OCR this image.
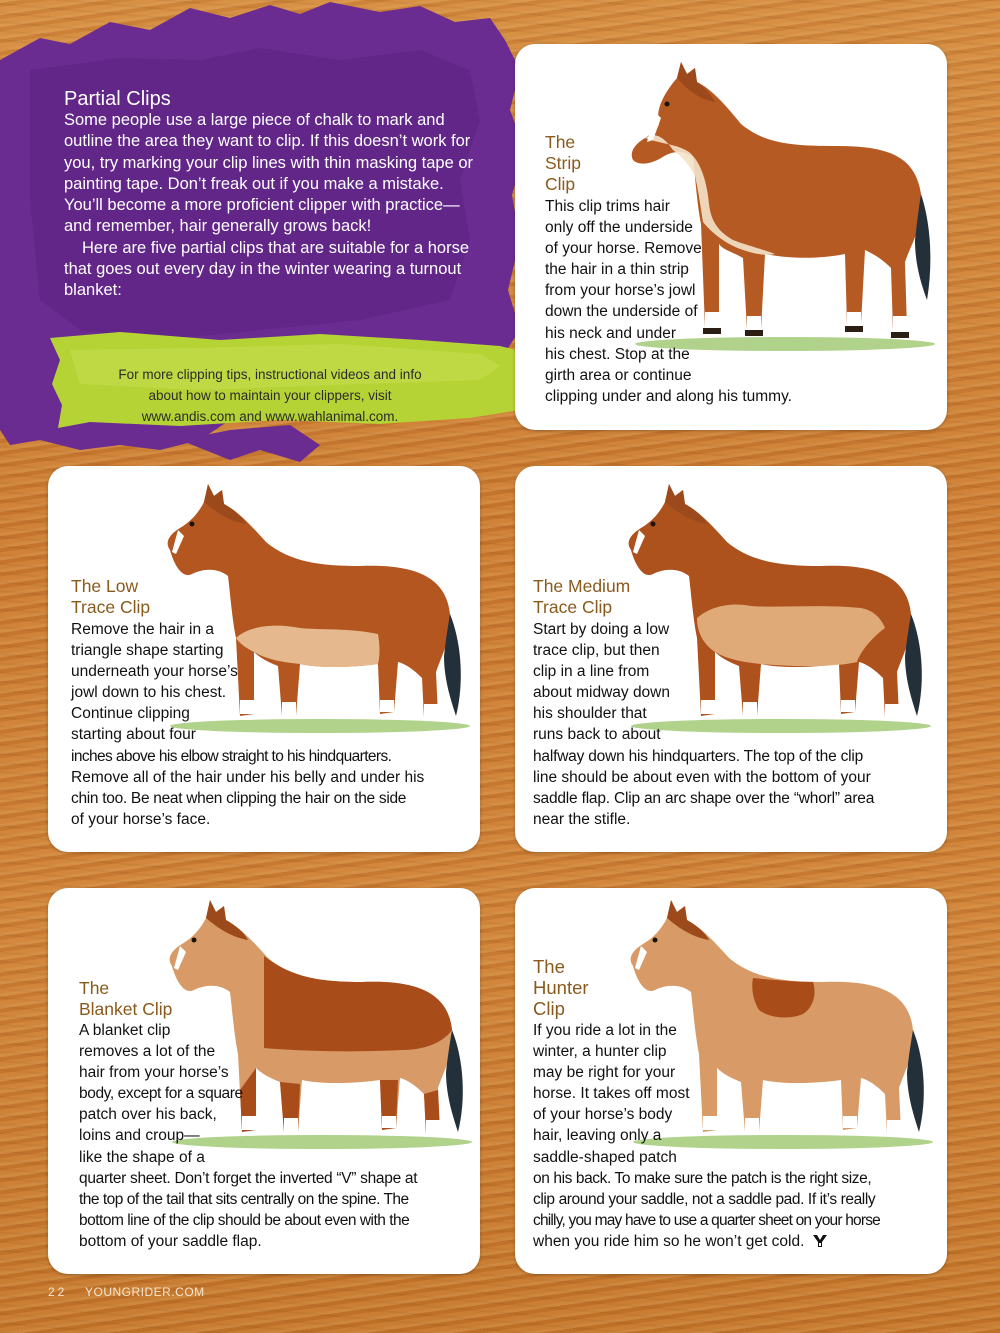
Partial Clips

Some people use a large piece of chalk to mark and outline the area they want to clip. If this doesn’t work for you, try marking your clip lines with thin masking tape or painting tape. Don’t freak out if you make a mistake. You’ll become a more proficient clipper with practice—and remember, hair generally grows back!

Here are five partial clips that are suitable for a horse that goes out every day in the winter wearing a turnout blanket:

For more clipping tips, instructional videos and info
about how to maintain your clippers, visit
www.andis.com and www.wahlanimal.com.
The
Strip
Clip
This clip trims hair
only off the underside
of your horse. Remove
the hair in a thin strip
from your horse’s jowl
down the underside of
his neck and under
his chest. Stop at the
girth area or continue
clipping under and along his tummy.
The Low
Trace Clip
Remove the hair in a
triangle shape starting
underneath your horse’s
jowl down to his chest.
Continue clipping
starting about four
inches above his elbow straight to his hindquarters.
Remove all of the hair under his belly and under his
chin too. Be neat when clipping the hair on the side
of your horse’s face.
The Medium
Trace Clip
Start by doing a low
trace clip, but then
clip in a line from
about midway down
his shoulder that
runs back to about
halfway down his hindquarters. The top of the clip
line should be about even with the bottom of your
saddle flap. Clip an arc shape over the “whorl” area
near the stifle.
The
Blanket Clip
A blanket clip
removes a lot of the
hair from your horse’s
body, except for a square
patch over his back,
loins and croup—
like the shape of a
quarter sheet. Don’t forget the inverted “V” shape at
the top of the tail that sits centrally on the spine. The
bottom line of the clip should be about even with the
bottom of your saddle flap.
The
Hunter
Clip
If you ride a lot in the
winter, a hunter clip
may be right for your
horse. It takes off most
of your horse’s body
hair, leaving only a
saddle-shaped patch
on his back. To make sure the patch is the right size,
clip around your saddle, not a saddle pad. If it’s really
chilly, you may have to use a quarter sheet on your horse
when you ride him so he won’t get cold.
22 YOUNGRIDER.COM
